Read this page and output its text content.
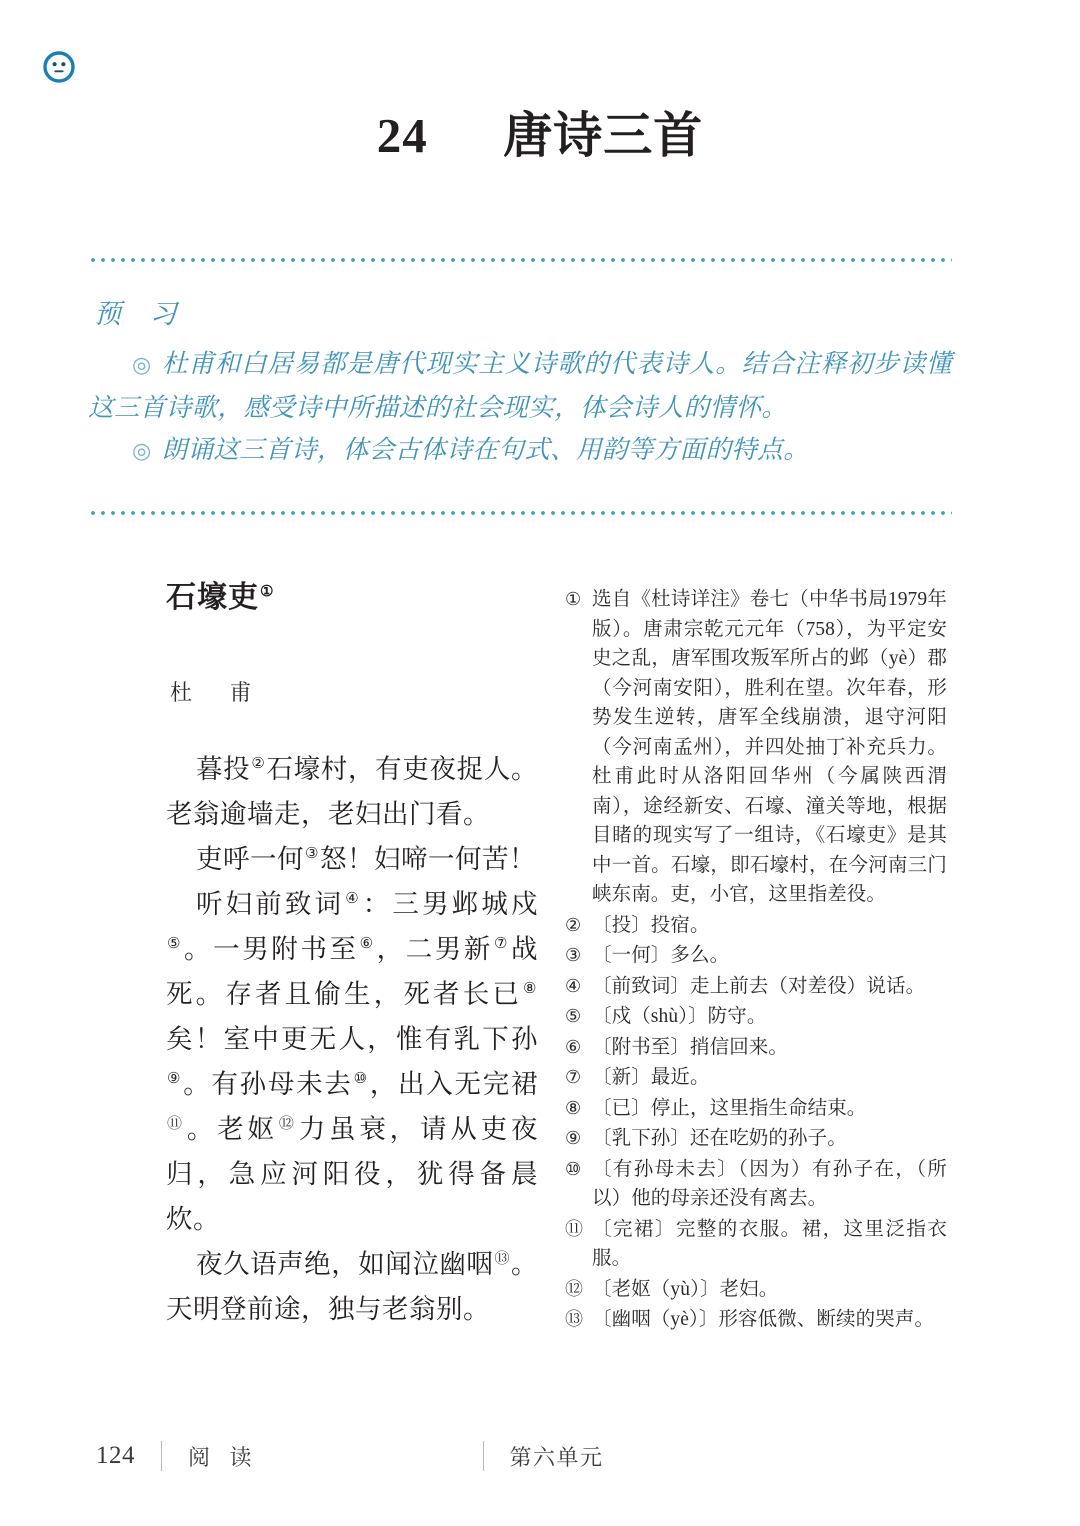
24  唐诗三首
预 习

◎ 杜甫和白居易都是唐代现实主义诗歌的代表诗人。结合注释初步读懂这三首诗歌，感受诗中所描述的社会现实，体会诗人的情怀。

◎ 朗诵这三首诗，体会古体诗在句式、用韵等方面的特点。

石壕吏①
杜 甫

暮投②石壕村，有吏夜捉人。老翁逾墙走，老妇出门看。

吏呼一何③怒！妇啼一何苦！

听妇前致词④：三男邺城戍⑤。一男附书至⑥，二男新⑦战死。存者且偷生，死者长已⑧矣！室中更无人，惟有乳下孙⑨。有孙母未去⑩，出入无完裙⑪。老妪⑫力虽衰，请从吏夜归，急应河阳役，犹得备晨炊。

夜久语声绝，如闻泣幽咽⑬。天明登前途，独与老翁别。

① 选自《杜诗详注》卷七（中华书局1979年版）。唐肃宗乾元元年（758），为平定安史之乱，唐军围攻叛军所占的邺（yè）郡（今河南安阳），胜利在望。次年春，形势发生逆转，唐军全线崩溃，退守河阳（今河南孟州），并四处抽丁补充兵力。杜甫此时从洛阳回华州（今属陕西渭南），途经新安、石壕、潼关等地，根据目睹的现实写了一组诗，《石壕吏》是其中一首。石壕，即石壕村，在今河南三门峡东南。吏，小官，这里指差役。
② 〔投〕投宿。
③ 〔一何〕多么。
④ 〔前致词〕走上前去（对差役）说话。
⑤ 〔戍（shù）〕防守。
⑥ 〔附书至〕捎信回来。
⑦ 〔新〕最近。
⑧ 〔已〕停止，这里指生命结束。
⑨ 〔乳下孙〕还在吃奶的孙子。
⑩ 〔有孙母未去〕（因为）有孙子在，（所以）他的母亲还没有离去。
⑪ 〔完裙〕完整的衣服。裙，这里泛指衣服。
⑫ 〔老妪（yù）〕老妇。
⑬ 〔幽咽（yè）〕形容低微、断续的哭声。
124 阅 读	第六单元
